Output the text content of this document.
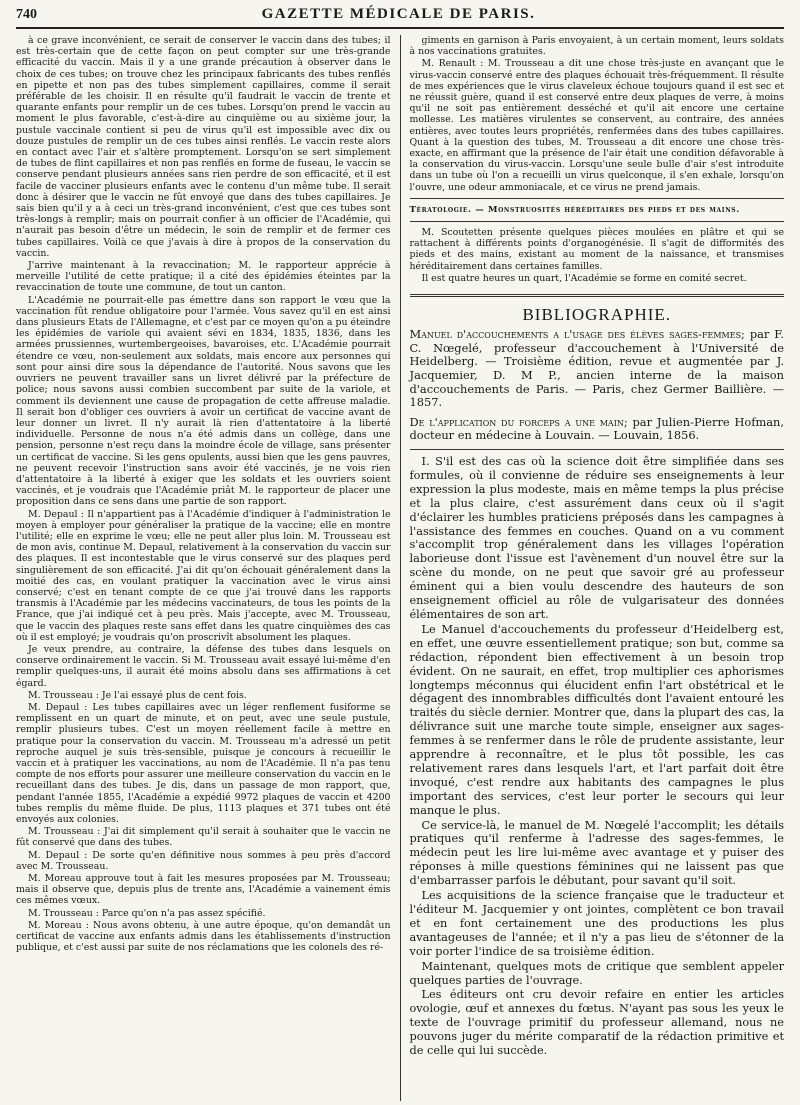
740	GAZETTE MÉDICALE DE PARIS.

à ce grave inconvénient, ce serait de conserver le vaccin dans des tubes; il est très-certain que de cette façon on peut compter sur une très-grande efficacité du vaccin. Mais il y a une grande précaution à observer dans le choix de ces tubes; on trouve chez les principaux fabricants des tubes renflés en pipette et non pas des tubes simplement capillaires, comme il serait préférable de les choisir. Il en résulte qu'il faudrait le vaccin de trente et quarante enfants pour remplir un de ces tubes. Lorsqu'on prend le vaccin au moment le plus favorable, c'est-à-dire au cinquième ou au sixième jour, la pustule vaccinale contient si peu de virus qu'il est impossible avec dix ou douze pustules de remplir un de ces tubes ainsi renflés. Le vaccin reste alors en contact avec l'air et s'altère promptement. Lorsqu'on se sert simplement de tubes de flint capillaires et non pas renflés en forme de fuseau, le vaccin se conserve pendant plusieurs années sans rien perdre de son efficacité, et il est facile de vacciner plusieurs enfants avec le contenu d'un même tube. Il serait donc à désirer que le vaccin ne fût envoyé que dans des tubes capillaires. Je sais bien qu'il y a à ceci un très-grand inconvénient, c'est que ces tubes sont très-longs à remplir; mais on pourrait confier à un officier de l'Académie, qui n'aurait pas besoin d'être un médecin, le soin de remplir et de fermer ces tubes capillaires. Voilà ce que j'avais à dire à propos de la conservation du vaccin.

J'arrive maintenant à la revaccination; M. le rapporteur apprécie à merveille l'utilité de cette pratique; il a cité des épidémies éteintes par la revaccination de toute une commune, de tout un canton.

L'Académie ne pourrait-elle pas émettre dans son rapport le vœu que la vaccination fût rendue obligatoire pour l'armée. Vous savez qu'il en est ainsi dans plusieurs Etats de l'Allemagne, et c'est par ce moyen qu'on a pu éteindre les épidémies de variole qui avaient sévi en 1834, 1835, 1836, dans les armées prussiennes, wurtembergeoises, bavaroises, etc. L'Académie pourrait étendre ce vœu, non-seulement aux soldats, mais encore aux personnes qui sont pour ainsi dire sous la dépendance de l'autorité. Nous savons que les ouvriers ne peuvent travailler sans un livret délivré par la préfecture de police; nous savons aussi combien succombent par suite de la variole, et comment ils deviennent une cause de propagation de cette affreuse maladie. Il serait bon d'obliger ces ouvriers à avoir un certificat de vaccine avant de leur donner un livret. Il n'y aurait là rien d'attentatoire à la liberté individuelle. Personne de nous n'a été admis dans un collège, dans une pension, personne n'est reçu dans la moindre école de village, sans présenter un certificat de vaccine. Si les gens opulents, aussi bien que les gens pauvres, ne peuvent recevoir l'instruction sans avoir été vaccinés, je ne vois rien d'attentatoire à la liberté à exiger que les soldats et les ouvriers soient vaccinés, et je voudrais que l'Académie priât M. le rapporteur de placer une proposition dans ce sens dans une partie de son rapport.

M. Depaul : Il n'appartient pas à l'Académie d'indiquer à l'administration le moyen à employer pour généraliser la pratique de la vaccine; elle en montre l'utilité; elle en exprime le vœu; elle ne peut aller plus loin. M. Trousseau est de mon avis, continue M. Depaul, relativement à la conservation du vaccin sur des plaques. Il est incontestable que le virus conservé sur des plaques perd singulièrement de son efficacité. J'ai dit qu'on échouait généralement dans la moitié des cas, en voulant pratiquer la vaccination avec le virus ainsi conservé; c'est en tenant compte de ce que j'ai trouvé dans les rapports transmis à l'Académie par les médecins vaccinateurs, de tous les points de la France, que j'ai indiqué cet à peu près. Mais j'accepte, avec M. Trousseau, que le vaccin des plaques reste sans effet dans les quatre cinquièmes des cas où il est employé; je voudrais qu'on proscrivît absolument les plaques.

Je veux prendre, au contraire, la défense des tubes dans lesquels on conserve ordinairement le vaccin. Si M. Trousseau avait essayé lui-même d'en remplir quelques-uns, il aurait été moins absolu dans ses affirmations à cet égard.

M. Trousseau : Je l'ai essayé plus de cent fois.

M. Depaul : Les tubes capillaires avec un léger renflement fusiforme se remplissent en un quart de minute, et on peut, avec une seule pustule, remplir plusieurs tubes. C'est un moyen réellement facile à mettre en pratique pour la conservation du vaccin. M. Trousseau m'a adressé un petit reproche auquel je suis très-sensible, puisque je concours à recueillir le vaccin et à pratiquer les vaccinations, au nom de l'Académie. Il n'a pas tenu compte de nos efforts pour assurer une meilleure conservation du vaccin en le recueillant dans des tubes. Je dis, dans un passage de mon rapport, que, pendant l'année 1855, l'Académie a expédié 9972 plaques de vaccin et 4200 tubes remplis du même fluide. De plus, 1113 plaques et 371 tubes ont été envoyés aux colonies.

M. Trousseau : J'ai dit simplement qu'il serait à souhaiter que le vaccin ne fût conservé que dans des tubes.

M. Depaul : De sorte qu'en définitive nous sommes à peu près d'accord avec M. Trousseau.

M. Moreau approuve tout à fait les mesures proposées par M. Trousseau; mais il observe que, depuis plus de trente ans, l'Académie a vainement émis ces mêmes vœux.

M. Trousseau : Parce qu'on n'a pas assez spécifié.

M. Moreau : Nous avons obtenu, à une autre époque, qu'on demandât un certificat de vaccine aux enfants admis dans les établissements d'instruction publique, et c'est aussi par suite de nos réclamations que les colonels des ré-

giments en garnison à Paris envoyaient, à un certain moment, leurs soldats à nos vaccinations gratuites.

M. Renault : M. Trousseau a dit une chose très-juste en avançant que le virus-vaccin conservé entre des plaques échouait très-fréquemment. Il résulte de mes expériences que le virus claveleux échoue toujours quand il est sec et ne réussit guère, quand il est conservé entre deux plaques de verre, à moins qu'il ne soit pas entièrement desséché et qu'il ait encore une certaine mollesse. Les matières virulentes se conservent, au contraire, des années entières, avec toutes leurs propriétés, renfermées dans des tubes capillaires. Quant à la question des tubes, M. Trousseau a dit encore une chose très-exacte, en affirmant que la présence de l'air était une condition défavorable à la conservation du virus-vaccin. Lorsqu'une seule bulle d'air s'est introduite dans un tube où l'on a recueilli un virus quelconque, il s'en exhale, lorsqu'on l'ouvre, une odeur ammoniacale, et ce virus ne prend jamais.

Tératologie. — Monstruosités héréditaires des pieds et des mains.

M. Scoutetten présente quelques pièces moulées en plâtre et qui se rattachent à différents points d'organogénésie. Il s'agit de difformités des pieds et des mains, existant au moment de la naissance, et transmises héréditairement dans certaines familles.

Il est quatre heures un quart, l'Académie se forme en comité secret.

BIBLIOGRAPHIE.

Manuel d'accouchements a l'usage des élèves sages-femmes; par F. C. Nœgelé, professeur d'accouchement à l'Université de Heidelberg. — Troisième édition, revue et augmentée par J. Jacquemier, D. M P., ancien interne de la maison d'accouchements de Paris. — Paris, chez Germer Baillière. — 1857.

De l'application du forceps a une main; par Julien-Pierre Hofman, docteur en médecine à Louvain. — Louvain, 1856.

I. S'il est des cas où la science doit être simplifiée dans ses formules, où il convienne de réduire ses enseignements à leur expression la plus modeste, mais en même temps la plus précise et la plus claire, c'est assurément dans ceux où il s'agit d'éclairer les humbles praticiens préposés dans les campagnes à l'assistance des femmes en couches. Quand on a vu comment s'accomplit trop généralement dans les villages l'opération laborieuse dont l'issue est l'avènement d'un nouvel être sur la scène du monde, on ne peut que savoir gré au professeur éminent qui a bien voulu descendre des hauteurs de son enseignement officiel au rôle de vulgarisateur des données élémentaires de son art.

Le Manuel d'accouchements du professeur d'Heidelberg est, en effet, une œuvre essentiellement pratique; son but, comme sa rédaction, répondent bien effectivement à un besoin trop évident. On ne saurait, en effet, trop multiplier ces aphorismes longtemps méconnus qui élucident enfin l'art obstétrical et le dégagent des innombrables difficultés dont l'avaient entouré les traités du siècle dernier. Montrer que, dans la plupart des cas, la délivrance suit une marche toute simple, enseigner aux sages-femmes à se renfermer dans le rôle de prudente assistante, leur apprendre à reconnaître, et le plus tôt possible, les cas relativement rares dans lesquels l'art, et l'art parfait doit être invoqué, c'est rendre aux habitants des campagnes le plus important des services, c'est leur porter le secours qui leur manque le plus.

Ce service-là, le manuel de M. Nœgelé l'accomplit; les détails pratiques qu'il renferme à l'adresse des sages-femmes, le médecin peut les lire lui-même avec avantage et y puiser des réponses à mille questions féminines qui ne laissent pas que d'embarrasser parfois le débutant, pour savant qu'il soit.

Les acquisitions de la science française que le traducteur et l'éditeur M. Jacquemier y ont jointes, complètent ce bon travail et en font certainement une des productions les plus avantageuses de l'année; et il n'y a pas lieu de s'étonner de la voir porter l'indice de sa troisième édition.

Maintenant, quelques mots de critique que semblent appeler quelques parties de l'ouvrage.

Les éditeurs ont cru devoir refaire en entier les articles ovologie, œuf et annexes du fœtus. N'ayant pas sous les yeux le texte de l'ouvrage primitif du professeur allemand, nous ne pouvons juger du mérite comparatif de la rédaction primitive et de celle qui lui succède.
